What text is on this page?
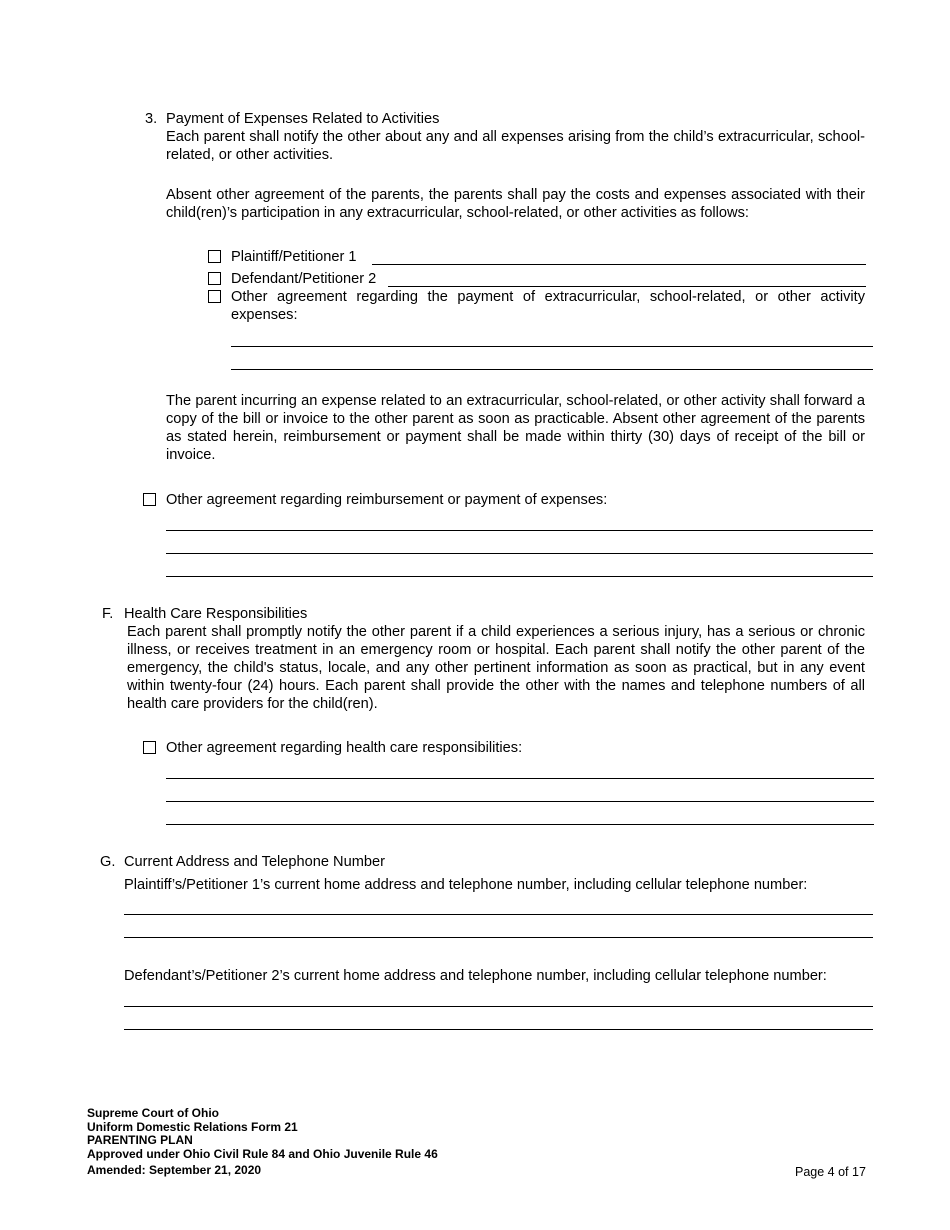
3. Payment of Expenses Related to Activities
Each parent shall notify the other about any and all expenses arising from the child’s extracurricular, school-related, or other activities.
Absent other agreement of the parents, the parents shall pay the costs and expenses associated with their child(ren)’s participation in any extracurricular, school-related, or other activities as follows:
Plaintiff/Petitioner 1
Defendant/Petitioner 2
Other agreement regarding the payment of extracurricular, school-related, or other activity expenses:
The parent incurring an expense related to an extracurricular, school-related, or other activity shall forward a copy of the bill or invoice to the other parent as soon as practicable. Absent other agreement of the parents as stated herein, reimbursement or payment shall be made within thirty (30) days of receipt of the bill or invoice.
Other agreement regarding reimbursement or payment of expenses:
F. Health Care Responsibilities
Each parent shall promptly notify the other parent if a child experiences a serious injury, has a serious or chronic illness, or receives treatment in an emergency room or hospital. Each parent shall notify the other parent of the emergency, the child's status, locale, and any other pertinent information as soon as practical, but in any event within twenty-four (24) hours. Each parent shall provide the other with the names and telephone numbers of all health care providers for the child(ren).
Other agreement regarding health care responsibilities:
G. Current Address and Telephone Number
Plaintiff’s/Petitioner 1’s current home address and telephone number, including cellular telephone number:
Defendant’s/Petitioner 2’s current home address and telephone number, including cellular telephone number:
Supreme Court of Ohio
Uniform Domestic Relations Form 21
PARENTING PLAN
Approved under Ohio Civil Rule 84 and Ohio Juvenile Rule 46
Amended: September 21, 2020	Page 4 of 17
